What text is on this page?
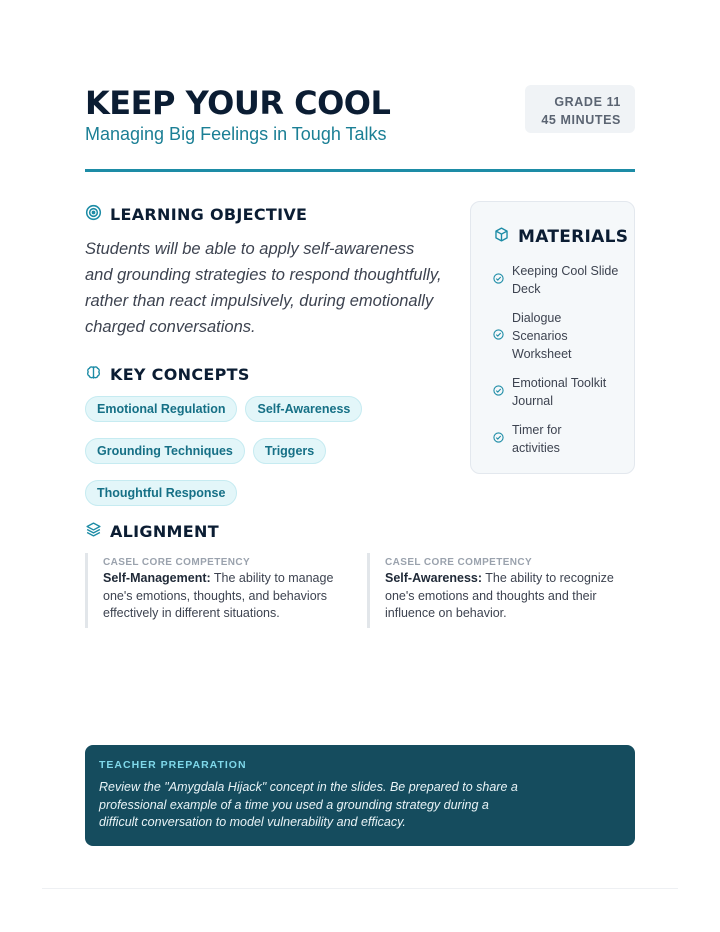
KEEP YOUR COOL

Managing Big Feelings in Tough Talks

GRADE 11
45 MINUTES
LEARNING OBJECTIVE

Students will be able to apply self-awareness and grounding strategies to respond thoughtfully, rather than react impulsively, during emotionally charged conversations.

KEY CONCEPTS
Emotional Regulation	Self-Awareness
Grounding Techniques	Triggers
Thoughtful Response
MATERIALS
Keeping Cool Slide Deck
Dialogue Scenarios Worksheet
Emotional Toolkit Journal
Timer for activities
ALIGNMENT
CASEL CORE COMPETENCY
Self-Management: The ability to manage one's emotions, thoughts, and behaviors effectively in different situations.
CASEL CORE COMPETENCY
Self-Awareness: The ability to recognize one's emotions and thoughts and their influence on behavior.
TEACHER PREPARATION
Review the "Amygdala Hijack" concept in the slides. Be prepared to share a professional example of a time you used a grounding strategy during a difficult conversation to model vulnerability and efficacy.
